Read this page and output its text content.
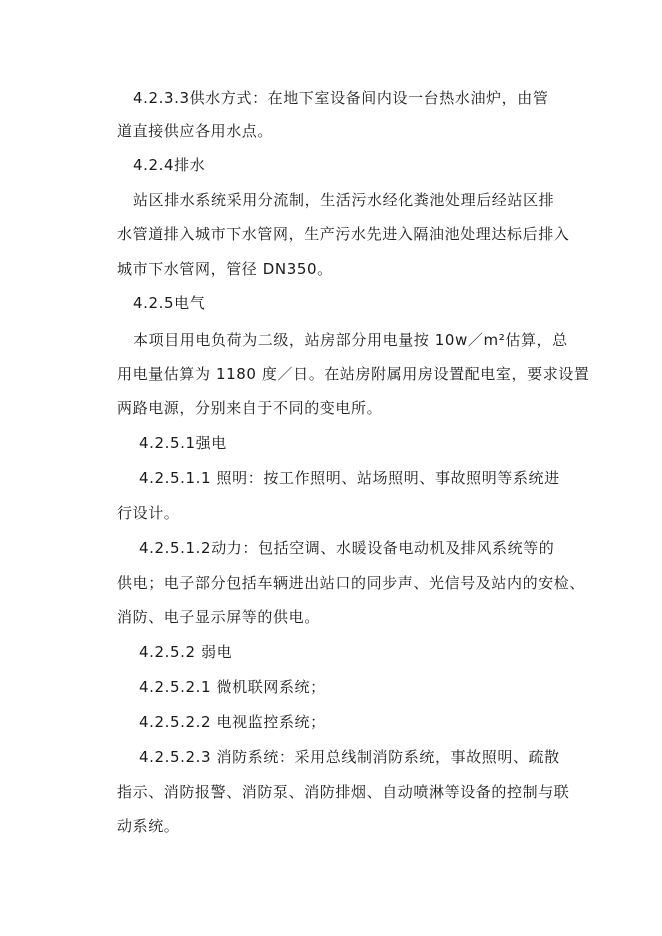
4.2.3.3供水方式：在地下室设备间内设一台热水油炉，由管
道直接供应各用水点。
4.2.4排水
站区排水系统采用分流制，生活污水经化粪池处理后经站区排
水管道排入城市下水管网，生产污水先进入隔油池处理达标后排入
城市下水管网，管径 DN350。
4.2.5电气
本项目用电负荷为二级，站房部分用电量按 10w／m²估算，总
用电量估算为 1180 度／日。在站房附属用房设置配电室，要求设置
两路电源，分别来自于不同的变电所。
4.2.5.1强电
4.2.5.1.1 照明：按工作照明、站场照明、事故照明等系统进
行设计。
4.2.5.1.2动力：包括空调、水暖设备电动机及排风系统等的
供电；电子部分包括车辆进出站口的同步声、光信号及站内的安检、
消防、电子显示屏等的供电。
4.2.5.2 弱电
4.2.5.2.1 微机联网系统；
4.2.5.2.2 电视监控系统；
4.2.5.2.3 消防系统：采用总线制消防系统，事故照明、疏散
指示、消防报警、消防泵、消防排烟、自动喷淋等设备的控制与联
动系统。
